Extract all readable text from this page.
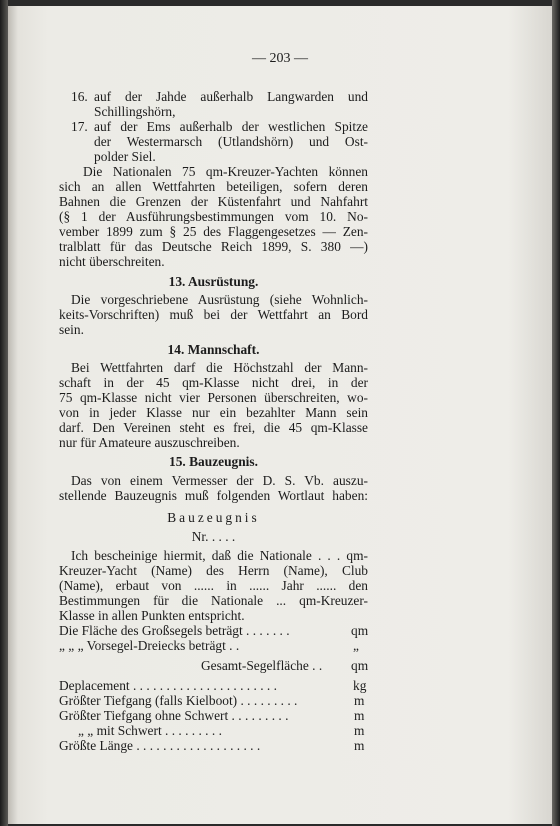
— 203 —
16. auf der Jahde außerhalb Langwarden und
Schillingshörn,
17. auf der Ems außerhalb der westlichen Spitze
der Westermarsch (Utlandshörn) und Ost-
polder Siel.
Die Nationalen 75 qm-Kreuzer-Yachten können
sich an allen Wettfahrten beteiligen, sofern deren
Bahnen die Grenzen der Küstenfahrt und Nahfahrt
(§ 1 der Ausführungsbestimmungen vom 10. No-
vember 1899 zum § 25 des Flaggengesetzes — Zen-
tralblatt für das Deutsche Reich 1899, S. 380 —)
nicht überschreiten.
13. Ausrüstung.
Die vorgeschriebene Ausrüstung (siehe Wohnlich-
keits-Vorschriften) muß bei der Wettfahrt an Bord
sein.
14. Mannschaft.
Bei Wettfahrten darf die Höchstzahl der Mann-
schaft in der 45 qm-Klasse nicht drei, in der
75 qm-Klasse nicht vier Personen überschreiten, wo-
von in jeder Klasse nur ein bezahlter Mann sein
darf. Den Vereinen steht es frei, die 45 qm-Klasse
nur für Amateure auszuschreiben.
15. Bauzeugnis.
Das von einem Vermesser der D. S. Vb. auszu-
stellende Bauzeugnis muß folgenden Wortlaut haben:
Bauzeugnis
Nr. . . . .
Ich bescheinige hiermit, daß die Nationale . . . qm-
Kreuzer-Yacht (Name) des Herrn (Name), Club
(Name), erbaut von ...... in ...... Jahr ...... den
Bestimmungen für die Nationale ... qm-Kreuzer-
Klasse in allen Punkten entspricht.
Die Fläche des Großsegels beträgt . . . . . . .	qm
„ „ „ Vorsegel-Dreiecks beträgt . .	„
Gesamt-Segelfläche . . qm
Deplacement . . . . . . . . . . . . . . . . . . . . . .	kg
Größter Tiefgang (falls Kielboot) . . . . . . . . .	m
Größter Tiefgang ohne Schwert . . . . . . . . .	m
„ „ mit Schwert . . . . . . . . .	m
Größte Länge . . . . . . . . . . . . . . . . . . .	m
